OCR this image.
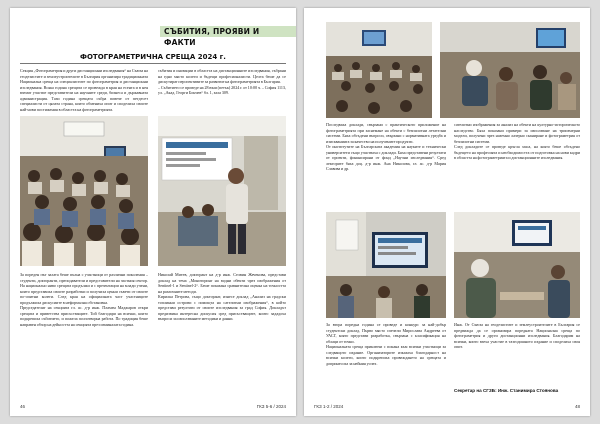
СЪБИТИЯ, ПРОЯВИ И ФАКТИ
ФОТОГРАМЕТРИЧНА СРЕЩА 2024 г.
Секция „Фотограметрия и други дистанционни изследвания“ на Съюза на геодезистите и землеустроителите в България организира традиционната Национална среща на специалистите по фотограметрия и дистанционни изследвания. Всяка година срещата се провежда в края на есента и в нея вземат участие представители на научните среди, бизнеса и държавната администрация. Тази година срещата събра повече от петдесет специалисти от цялата страна, които обмениха опит и споделиха своите най-нови постижения в областта на фотограметрията.
събития и иновации в областта на дистанционните изследвания, събрани на едно място колеги и бъдещи професионалисти. Целта беше да се дискутират перспективите за развитие на фотограметрията в България.
– Събитието се проведе на 28 юни (петък) 2024 г. от 10:00 ч. – София 1113, ул. „Акад. Георги Бончев“ бл. 1, зала 309.
За пореден път залата беше пълна с участници от различни поколения – студенти, докторанти, преподаватели и представители на частния сектор. На национално ниво срещата продължи и с презентации на млади учени, които представиха своите разработки и получиха ценни съвети от своите по-опитни колеги. След края на официалната част участниците продължиха дискусиите в неформална обстановка.
Председателят на секцията гл. ас. д-р инж. Пламен Маджаров откри срещата и приветства присъстващите. Той благодари на всички, които подкрепиха събитието, и пожела ползотворна работа. По традиция беше направен обзор на дейността на секцията през изминалата година.
Николай Митев, докторант на д-р инж. Селвин Жеченова, представи доклад на тема „Мониторинг на водни обекти чрез изображения от Sentinel-1 и Sentinel-2“. Беше показана сравнителна оценка на точността на различните методи.
Кирилка Петрова, също докторант, изнесе доклад „Анализ на градски топлинни острови с помощта на сателитни изображения“, в който представи резултати от своите изследвания за град София. Докладът предизвика интересна дискусия сред присъстващите, които зададоха въпроси за използваните методики и данни.
46	ГКЗ 5-6 / 2024
Последваха доклади, свързани с практическото приложение на фотограметрията при заснемане на обекти с безпилотни летателни системи. Бяха обсъдени въпроси, свързани с нормативната уредба и изискванията за качество на получените продукти.
От институтите на Българската академия на науките и технически университети също участваха с доклади. Бяха представени резултати от проекти, финансирани от фонд „Научни изследвания“. Сред лекторите бяха доц. д-р инж. Ана Николова, гл. ас. д-р Мария Славова и др.
сателитни изображения за анализ на обекти на културно-историческото наследство. Бяха показани примери за използване на триизмерни модели, получени чрез наземно лазерно сканиране и фотограметрия от безпилотни системи.
След докладите се проведе кръгла маса, на която беше обсъдено бъдещето на професията и необходимостта от подготовка на нови кадри в областта на фотограметрията и дистанционните изследвания.
За втора поредна година се проведе и конкурс за най-добър студентски доклад. Първо място спечели Мирослава Андреева от УАСГ, която представи разработка, свързана с класификация на облаци от точки.
Националната среща приключи с покана към всички участници за следващото издание. Организаторите изказаха благодарност на всички колеги, които подкрепиха провеждането на срещата и допринесоха за нейния успех.
Инж. От Съюза на геодезистите и землеустроителите в България се предвижда да се организира поредната Национална среща по фотограметрия и други дистанционни изследвания. Благодарим на всички, които взеха участие в тазгодишното издание и споделиха своя опит.
Секретар на СГЗБ: Инж. Станимира Стоянова
ГКЗ 1-2 / 2024	48
